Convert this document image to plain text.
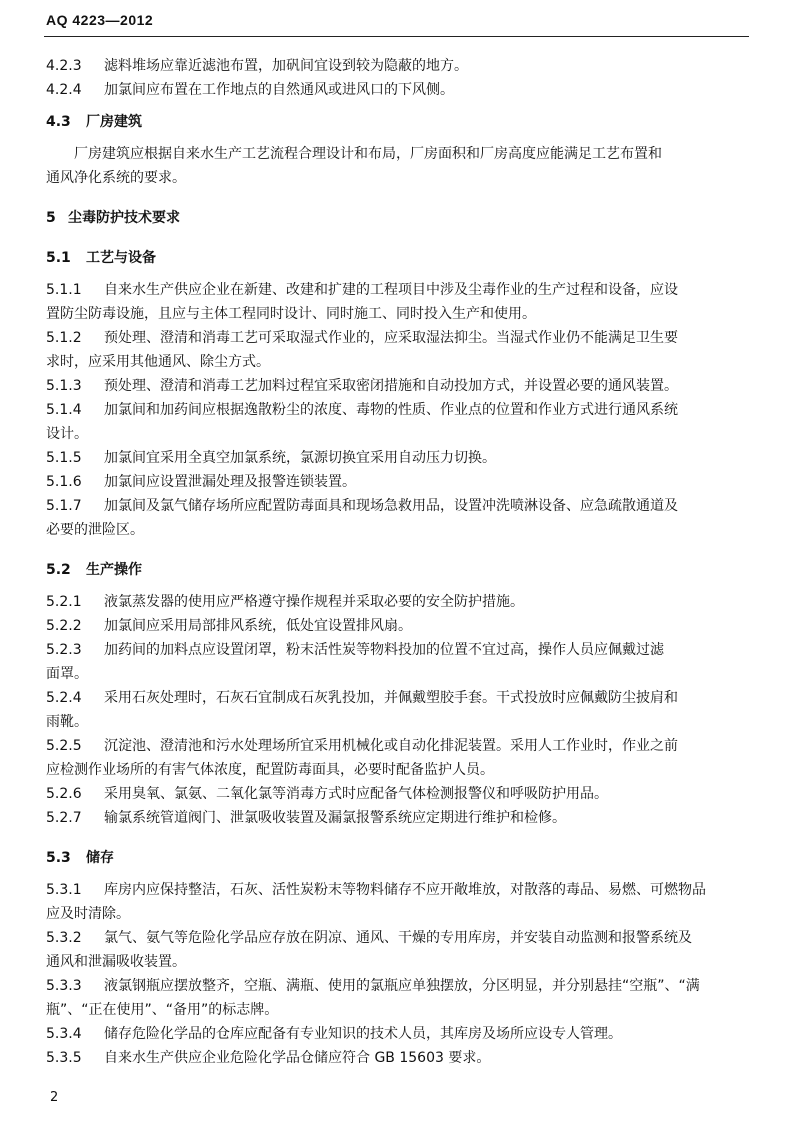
AQ 4223—2012
4.2.3 滤料堆场应靠近滤池布置，加矾间宜设到较为隐蔽的地方。
4.2.4 加氯间应布置在工作地点的自然通风或进风口的下风侧。
4.3 厂房建筑
厂房建筑应根据自来水生产工艺流程合理设计和布局，厂房面积和厂房高度应能满足工艺布置和
通风净化系统的要求。
5 尘毒防护技术要求
5.1 工艺与设备
5.1.1 自来水生产供应企业在新建、改建和扩建的工程项目中涉及尘毒作业的生产过程和设备，应设
置防尘防毒设施，且应与主体工程同时设计、同时施工、同时投入生产和使用。
5.1.2 预处理、澄清和消毒工艺可采取湿式作业的，应采取湿法抑尘。当湿式作业仍不能满足卫生要
求时，应采用其他通风、除尘方式。
5.1.3 预处理、澄清和消毒工艺加料过程宜采取密闭措施和自动投加方式，并设置必要的通风装置。
5.1.4 加氯间和加药间应根据逸散粉尘的浓度、毒物的性质、作业点的位置和作业方式进行通风系统
设计。
5.1.5 加氯间宜采用全真空加氯系统，氯源切换宜采用自动压力切换。
5.1.6 加氯间应设置泄漏处理及报警连锁装置。
5.1.7 加氯间及氯气储存场所应配置防毒面具和现场急救用品，设置冲洗喷淋设备、应急疏散通道及
必要的泄险区。
5.2 生产操作
5.2.1 液氯蒸发器的使用应严格遵守操作规程并采取必要的安全防护措施。
5.2.2 加氯间应采用局部排风系统，低处宜设置排风扇。
5.2.3 加药间的加料点应设置闭罩，粉末活性炭等物料投加的位置不宜过高，操作人员应佩戴过滤
面罩。
5.2.4 采用石灰处理时，石灰石宜制成石灰乳投加，并佩戴塑胶手套。干式投放时应佩戴防尘披肩和
雨靴。
5.2.5 沉淀池、澄清池和污水处理场所宜采用机械化或自动化排泥装置。采用人工作业时，作业之前
应检测作业场所的有害气体浓度，配置防毒面具，必要时配备监护人员。
5.2.6 采用臭氧、氯氨、二氧化氯等消毒方式时应配备气体检测报警仪和呼吸防护用品。
5.2.7 输氯系统管道阀门、泄氯吸收装置及漏氯报警系统应定期进行维护和检修。
5.3 储存
5.3.1 库房内应保持整洁，石灰、活性炭粉末等物料储存不应开敞堆放，对散落的毒品、易燃、可燃物品
应及时清除。
5.3.2 氯气、氨气等危险化学品应存放在阴凉、通风、干燥的专用库房，并安装自动监测和报警系统及
通风和泄漏吸收装置。
5.3.3 液氯钢瓶应摆放整齐，空瓶、满瓶、使用的氯瓶应单独摆放，分区明显，并分别悬挂“空瓶”、“满
瓶”、“正在使用”、“备用”的标志牌。
5.3.4 储存危险化学品的仓库应配备有专业知识的技术人员，其库房及场所应设专人管理。
5.3.5 自来水生产供应企业危险化学品仓储应符合 GB 15603 要求。
2
